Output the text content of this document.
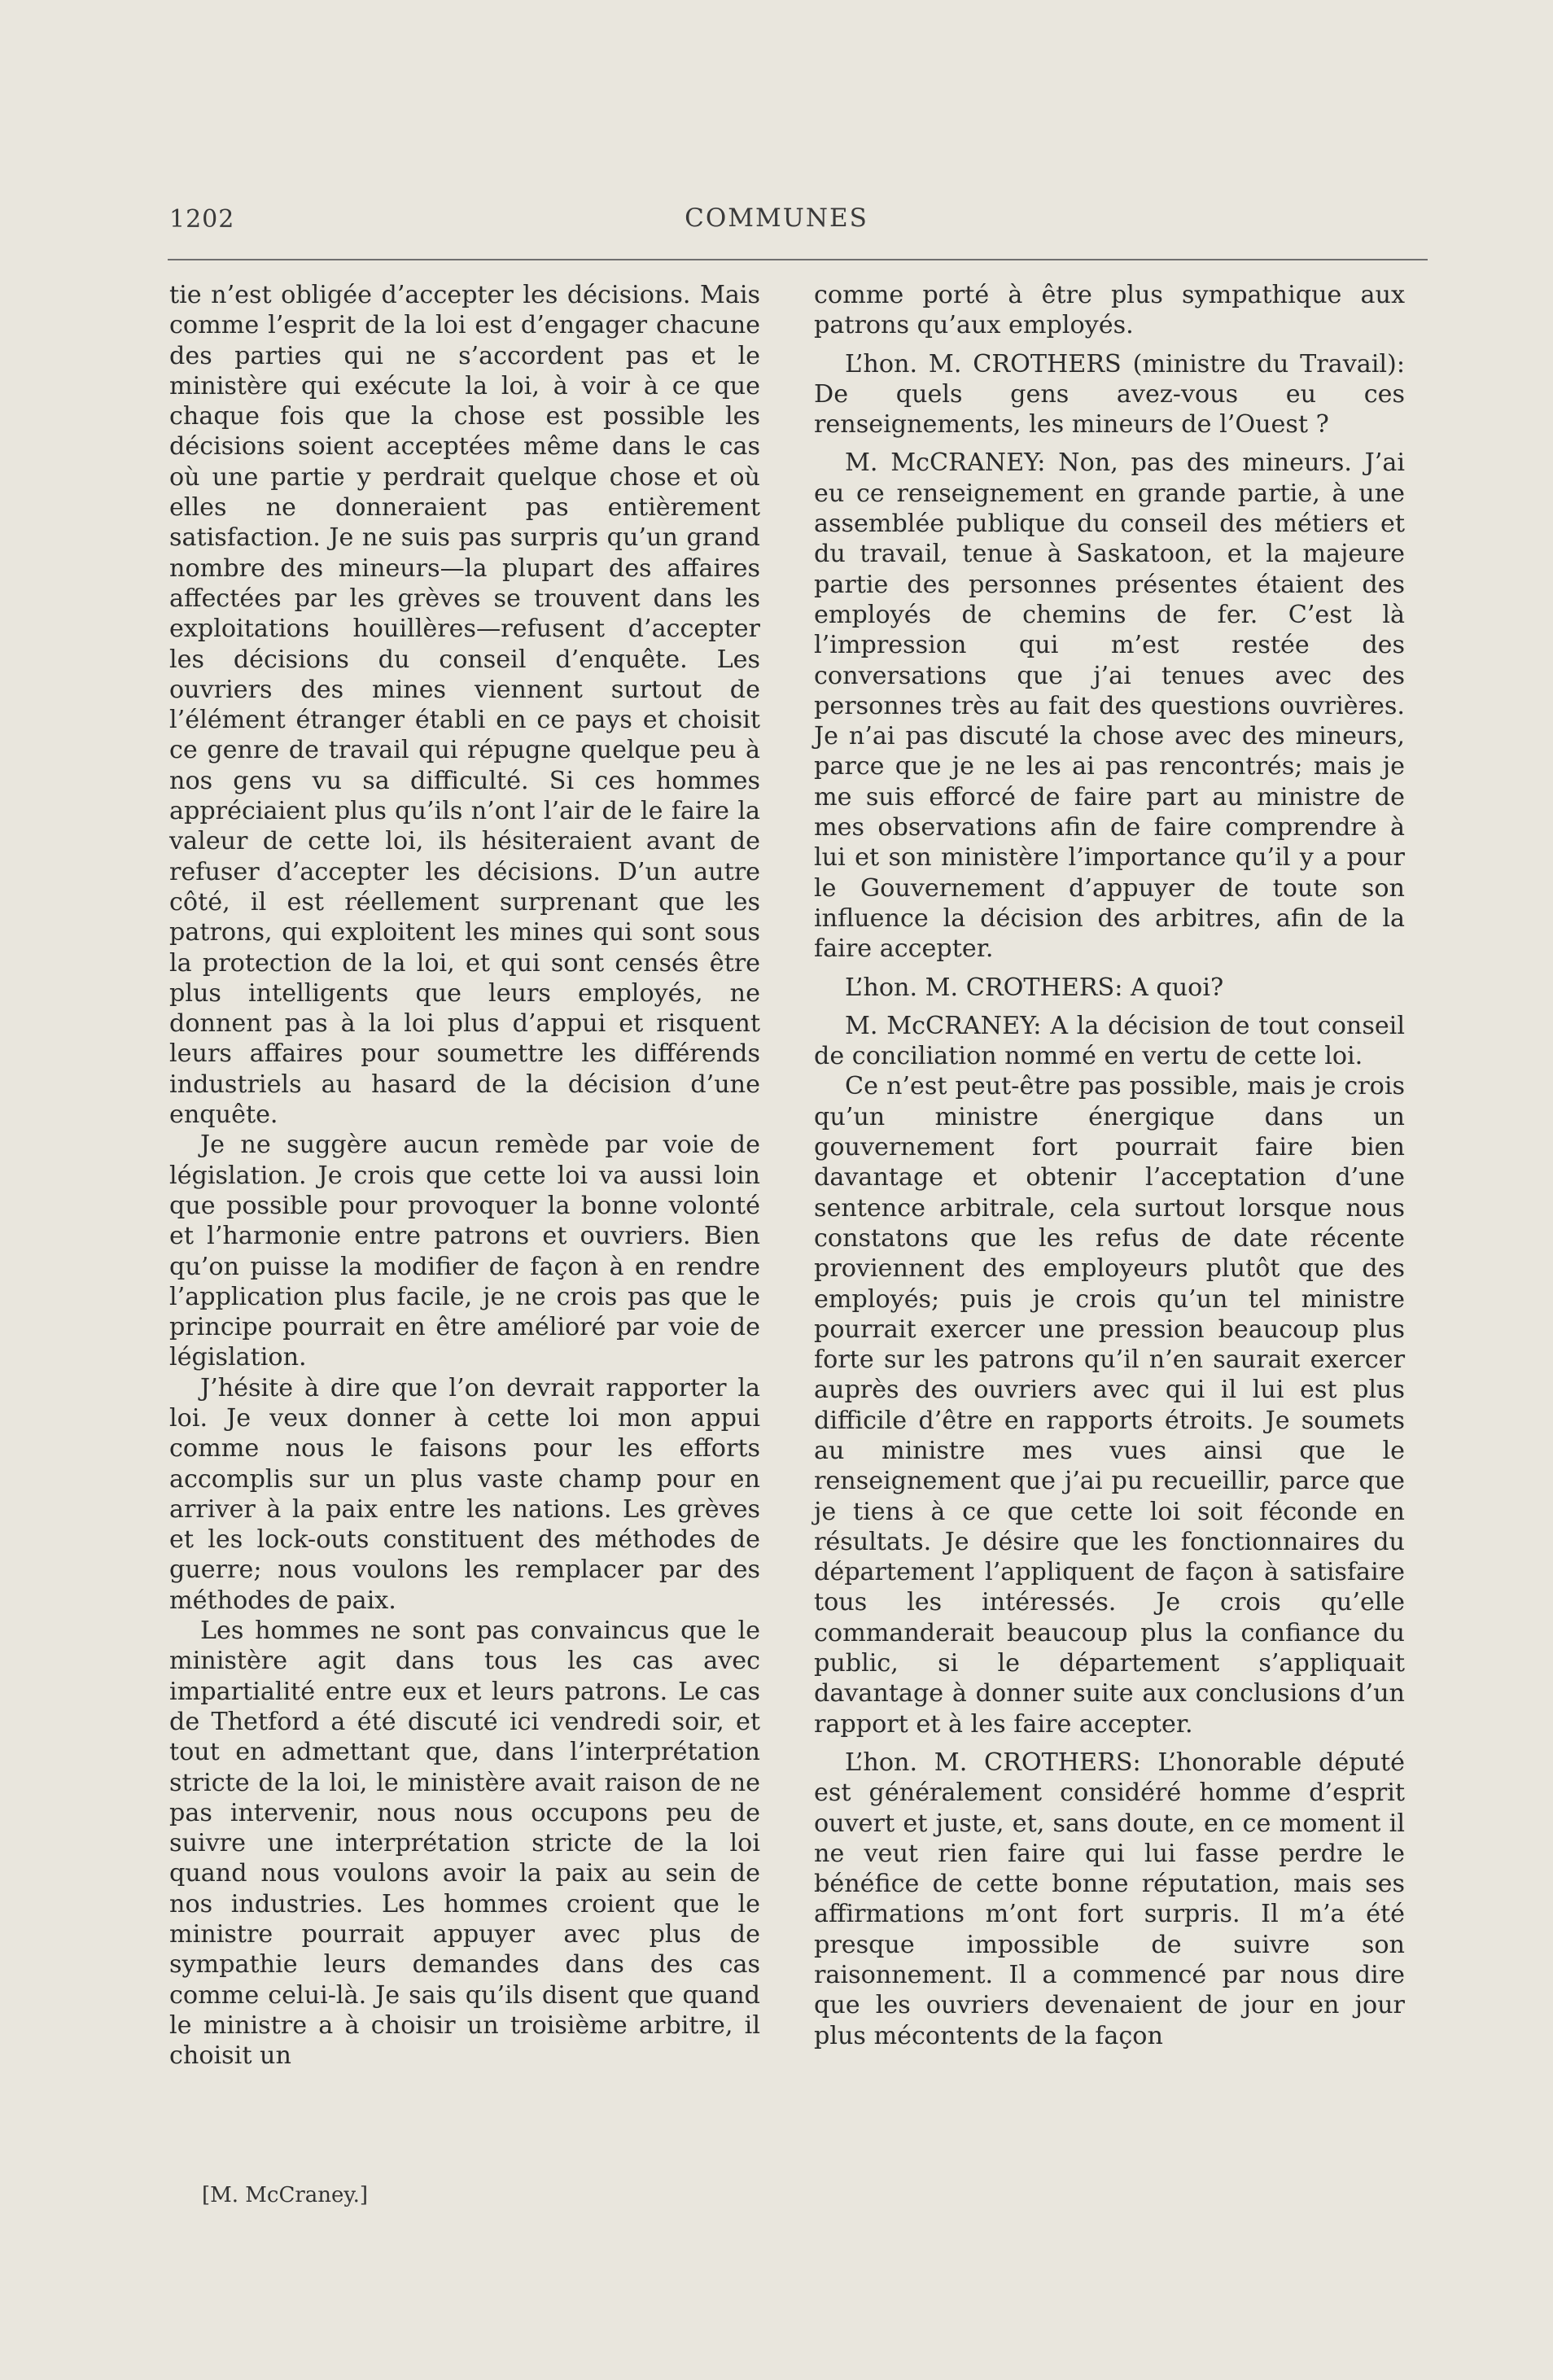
1202	COMMUNES

tie n’est obligée d’accepter les décisions. Mais comme l’esprit de la loi est d’engager chacune des parties qui ne s’accordent pas et le ministère qui exécute la loi, à voir à ce que chaque fois que la chose est possible les décisions soient acceptées même dans le cas où une partie y perdrait quelque chose et où elles ne donneraient pas entièrement satisfaction. Je ne suis pas surpris qu’un grand nombre des mineurs—la plupart des affaires affectées par les grèves se trouvent dans les exploitations houillères—refusent d’accepter les décisions du conseil d’enquête. Les ouvriers des mines viennent surtout de l’élément étranger établi en ce pays et choisit ce genre de travail qui répugne quelque peu à nos gens vu sa difficulté. Si ces hommes appréciaient plus qu’ils n’ont l’air de le faire la valeur de cette loi, ils hésiteraient avant de refuser d’accepter les décisions. D’un autre côté, il est réellement surprenant que les patrons, qui exploitent les mines qui sont sous la protection de la loi, et qui sont censés être plus intelligents que leurs employés, ne donnent pas à la loi plus d’appui et risquent leurs affaires pour soumettre les différends industriels au hasard de la décision d’une enquête.

Je ne suggère aucun remède par voie de législation. Je crois que cette loi va aussi loin que possible pour provoquer la bonne volonté et l’harmonie entre patrons et ouvriers. Bien qu’on puisse la modifier de façon à en rendre l’application plus facile, je ne crois pas que le principe pourrait en être amélioré par voie de législation.

J’hésite à dire que l’on devrait rapporter la loi. Je veux donner à cette loi mon appui comme nous le faisons pour les efforts accomplis sur un plus vaste champ pour en arriver à la paix entre les nations. Les grèves et les lock-outs constituent des méthodes de guerre; nous voulons les remplacer par des méthodes de paix.

Les hommes ne sont pas convaincus que le ministère agit dans tous les cas avec impartialité entre eux et leurs patrons. Le cas de Thetford a été discuté ici vendredi soir, et tout en admettant que, dans l’interprétation stricte de la loi, le ministère avait raison de ne pas intervenir, nous nous occupons peu de suivre une interprétation stricte de la loi quand nous voulons avoir la paix au sein de nos industries. Les hommes croient que le ministre pourrait appuyer avec plus de sympathie leurs demandes dans des cas comme celui-là. Je sais qu’ils disent que quand le ministre a à choisir un troisième arbitre, il choisit un

[M. McCraney.]

comme porté à être plus sympathique aux patrons qu’aux employés.

L’hon. M. CROTHERS (ministre du Travail): De quels gens avez-vous eu ces renseignements, les mineurs de l’Ouest ?

M. McCRANEY: Non, pas des mineurs. J’ai eu ce renseignement en grande partie, à une assemblée publique du conseil des métiers et du travail, tenue à Saskatoon, et la majeure partie des personnes présentes étaient des employés de chemins de fer. C’est là l’impression qui m’est restée des conversations que j’ai tenues avec des personnes très au fait des questions ouvrières. Je n’ai pas discuté la chose avec des mineurs, parce que je ne les ai pas rencontrés; mais je me suis efforcé de faire part au ministre de mes observations afin de faire comprendre à lui et son ministère l’importance qu’il y a pour le Gouvernement d’appuyer de toute son influence la décision des arbitres, afin de la faire accepter.

L’hon. M. CROTHERS: A quoi?

M. McCRANEY: A la décision de tout conseil de conciliation nommé en vertu de cette loi.

Ce n’est peut-être pas possible, mais je crois qu’un ministre énergique dans un gouvernement fort pourrait faire bien davantage et obtenir l’acceptation d’une sentence arbitrale, cela surtout lorsque nous constatons que les refus de date récente proviennent des employeurs plutôt que des employés; puis je crois qu’un tel ministre pourrait exercer une pression beaucoup plus forte sur les patrons qu’il n’en saurait exercer auprès des ouvriers avec qui il lui est plus difficile d’être en rapports étroits. Je soumets au ministre mes vues ainsi que le renseignement que j’ai pu recueillir, parce que je tiens à ce que cette loi soit féconde en résultats. Je désire que les fonctionnaires du département l’appliquent de façon à satisfaire tous les intéressés. Je crois qu’elle commanderait beaucoup plus la confiance du public, si le département s’appliquait davantage à donner suite aux conclusions d’un rapport et à les faire accepter.

L’hon. M. CROTHERS: L’honorable député est généralement considéré homme d’esprit ouvert et juste, et, sans doute, en ce moment il ne veut rien faire qui lui fasse perdre le bénéfice de cette bonne réputation, mais ses affirmations m’ont fort surpris. Il m’a été presque impossible de suivre son raisonnement. Il a commencé par nous dire que les ouvriers devenaient de jour en jour plus mécontents de la façon
